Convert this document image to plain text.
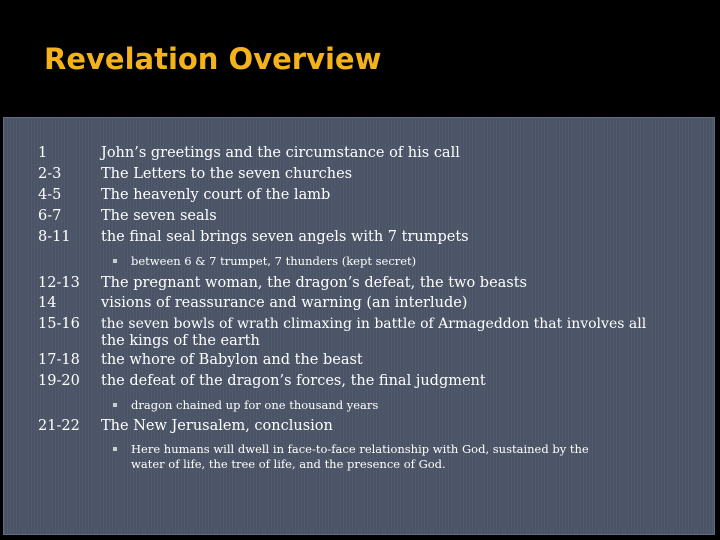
Revelation Overview
1	John’s greetings and the circumstance of his call
2-3	The Letters to the seven churches
4-5	The heavenly court of the lamb
6-7	The seven seals
8-11 the final seal brings seven angels with 7 trumpets
between 6 & 7 trumpet, 7 thunders (kept secret)
12-13 The pregnant woman, the dragon’s defeat, the two beasts
14	visions of reassurance and warning (an interlude)
15-16 the seven bowls of wrath climaxing in battle of Armageddon that involves all
the kings of the earth
17-18 the whore of Babylon and the beast
19-20 the defeat of the dragon’s forces, the final judgment
dragon chained up for one thousand years
21-22 The New Jerusalem, conclusion
Here humans will dwell in face-to-face relationship with God, sustained by the
water of life, the tree of life, and the presence of God.
